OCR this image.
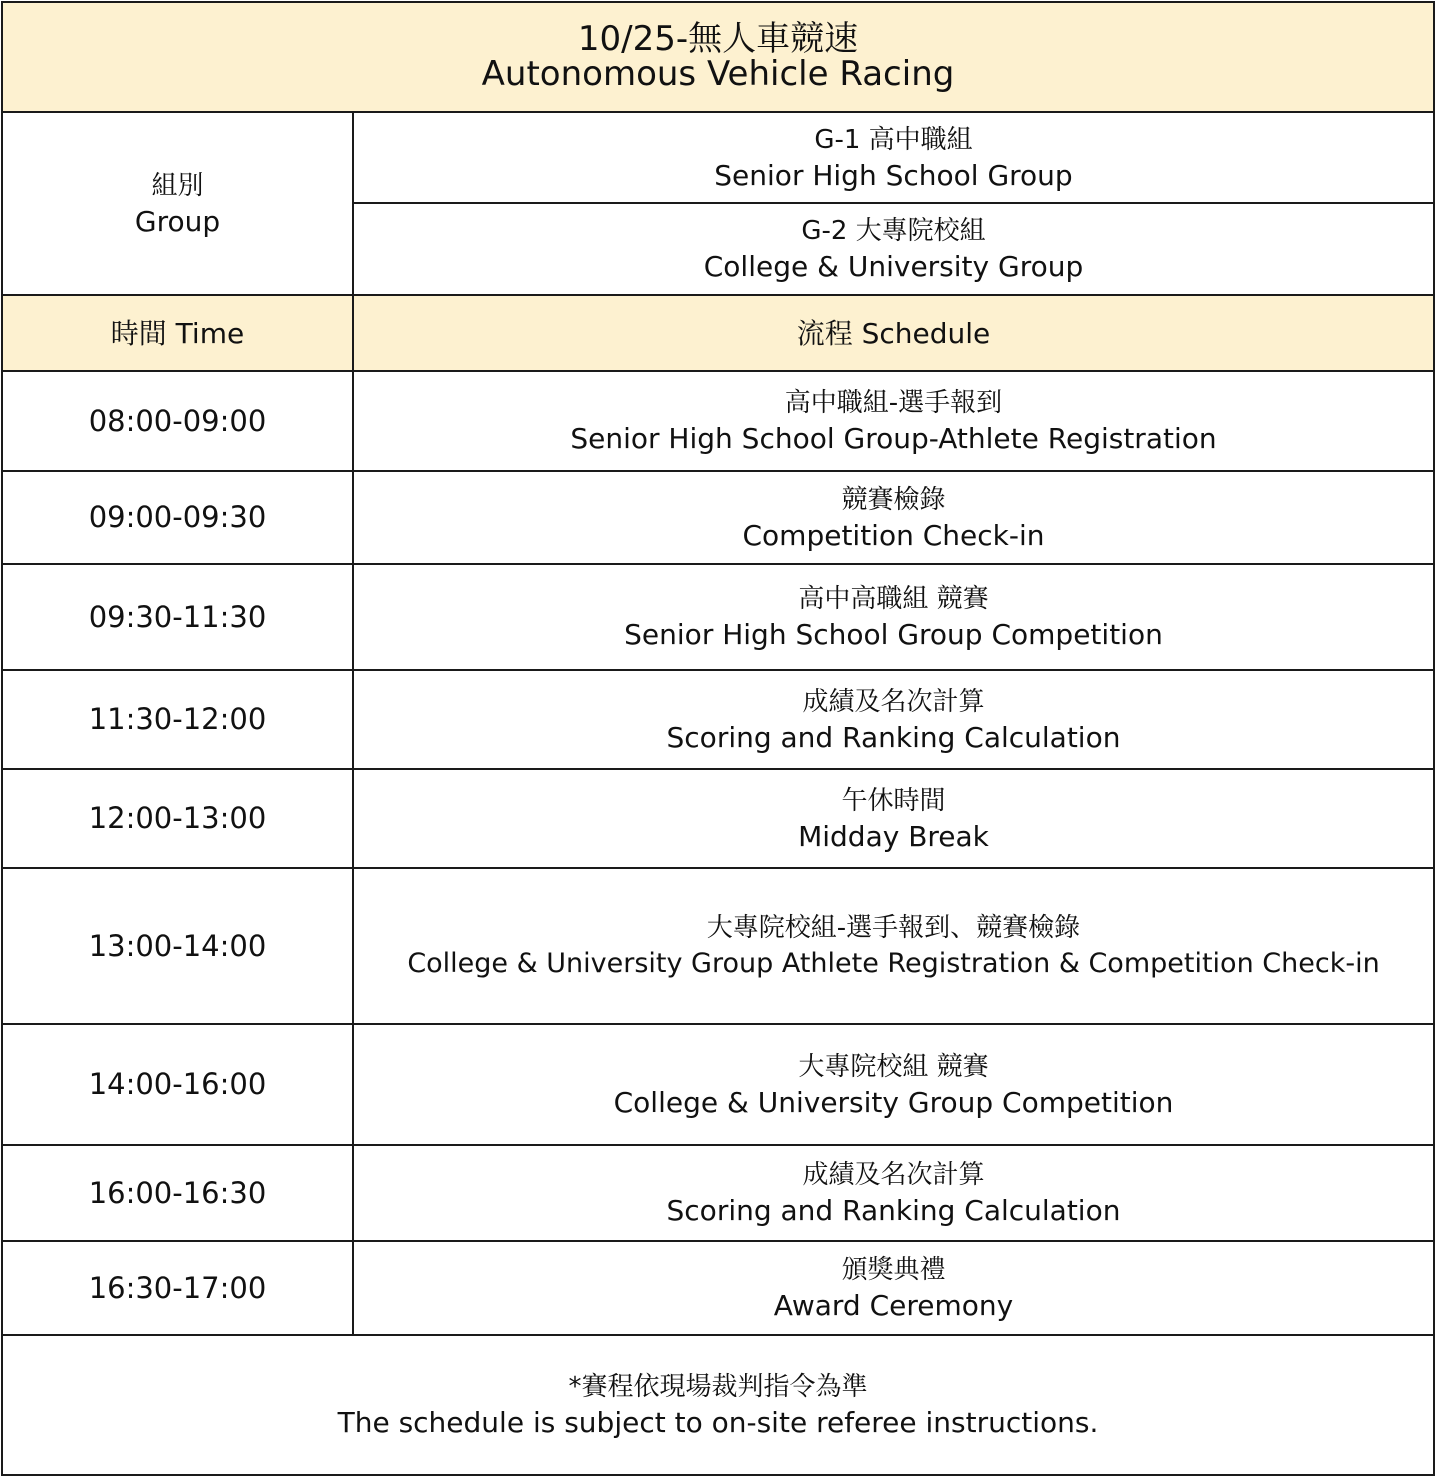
10/25-無人車競速
Autonomous Vehicle Racing	

組別
Group	G-1 高中職組
Senior High School Group

	G-2 大專院校組
College & University Group

時間 Time	流程 Schedule
08:00-09:00	高中職組-選手報到
Senior High School Group-Athlete Registration

09:00-09:30	競賽檢錄
Competition Check-in

09:30-11:30	高中高職組 競賽
Senior High School Group Competition

11:30-12:00	成績及名次計算
Scoring and Ranking Calculation

12:00-13:00	午休時間
Midday Break

13:00-14:00	大專院校組-選手報到、競賽檢錄
College & University Group Athlete Registration & Competition Check-in

14:00-16:00	大專院校組 競賽
College & University Group Competition

16:00-16:30	成績及名次計算
Scoring and Ranking Calculation

16:30-17:00	頒獎典禮
Award Ceremony

*賽程依現場裁判指令為準
The schedule is subject to on-site referee instructions.	
